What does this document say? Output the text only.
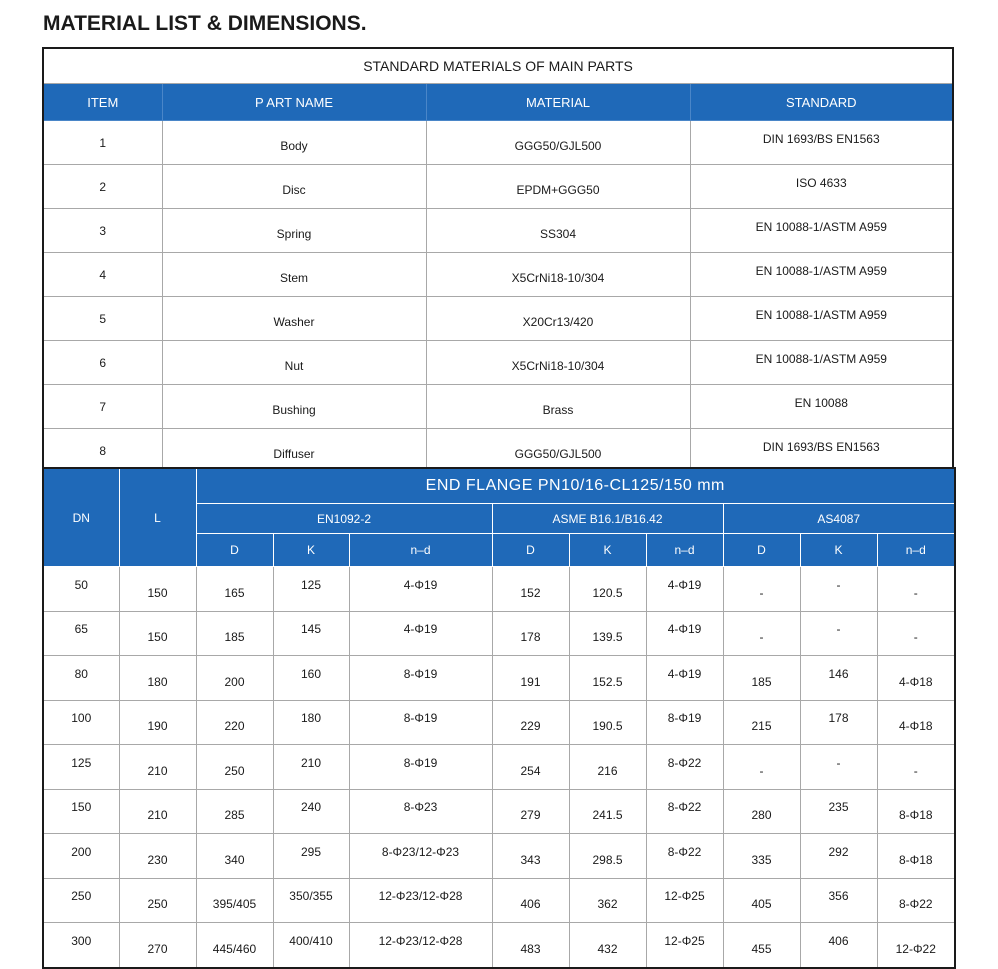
MATERIAL LIST & DIMENSIONS.
STANDARD MATERIALS OF MAIN PARTS			
ITEM	P ART NAME	MATERIAL	STANDARD
1	Body	GGG50/GJL500	DIN 1693/BS EN1563
2	Disc	EPDM+GGG50	ISO 4633
3	Spring	SS304	EN 10088-1/ASTM A959
4	Stem	X5CrNi18-10/304	EN 10088-1/ASTM A959
5	Washer	X20Cr13/420	EN 10088-1/ASTM A959
6	Nut	X5CrNi18-10/304	EN 10088-1/ASTM A959
7	Bushing	Brass	EN 10088
8	Diffuser	GGG50/GJL500	DIN 1693/BS EN1563

DN	L	END FLANGE PN10/16-CL125/150 mm								
		EN1092-2			ASME B16.1/B16.42			AS4087		
		D	K	n–d	D	K	n–d	D	K	n–d
50	150	165	125	4-Φ19	152	120.5	4-Φ19	-	-	-
65	150	185	145	4-Φ19	178	139.5	4-Φ19	-	-	-
80	180	200	160	8-Φ19	191	152.5	4-Φ19	185	146	4-Φ18
100	190	220	180	8-Φ19	229	190.5	8-Φ19	215	178	4-Φ18
125	210	250	210	8-Φ19	254	216	8-Φ22	-	-	-
150	210	285	240	8-Φ23	279	241.5	8-Φ22	280	235	8-Φ18
200	230	340	295	8-Φ23/12-Φ23	343	298.5	8-Φ22	335	292	8-Φ18
250	250	395/405	350/355	12-Φ23/12-Φ28	406	362	12-Φ25	405	356	8-Φ22
300	270	445/460	400/410	12-Φ23/12-Φ28	483	432	12-Φ25	455	406	12-Φ22
